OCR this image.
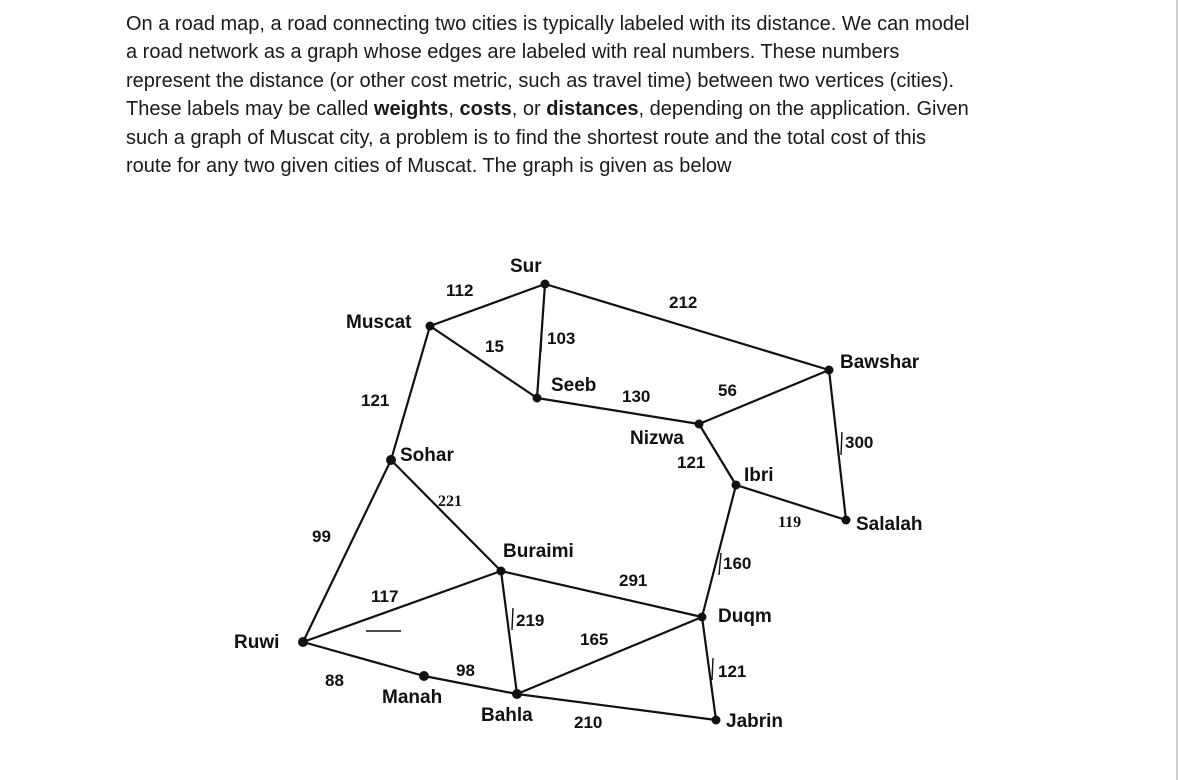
On a road map, a road connecting two cities is typically labeled with its distance. We can model
a road network as a graph whose edges are labeled with real numbers. These numbers
represent the distance (or other cost metric, such as travel time) between two vertices (cities).
These labels may be called weights, costs, or distances, depending on the application. Given
such a graph of Muscat city, a problem is to find the shortest route and the total cost of this
route for any two given cities of Muscat. The graph is given as below
Sur
Muscat
Seeb
Bawshar
Nizwa
Ibri
Sohar
Salalah
Buraimi
Duqm
Ruwi
Manah
Bahla	Jabrin
112
212
15	103
130	56
300
121
121
221
119
99
160
291
117
219
165
88
98	121
210
